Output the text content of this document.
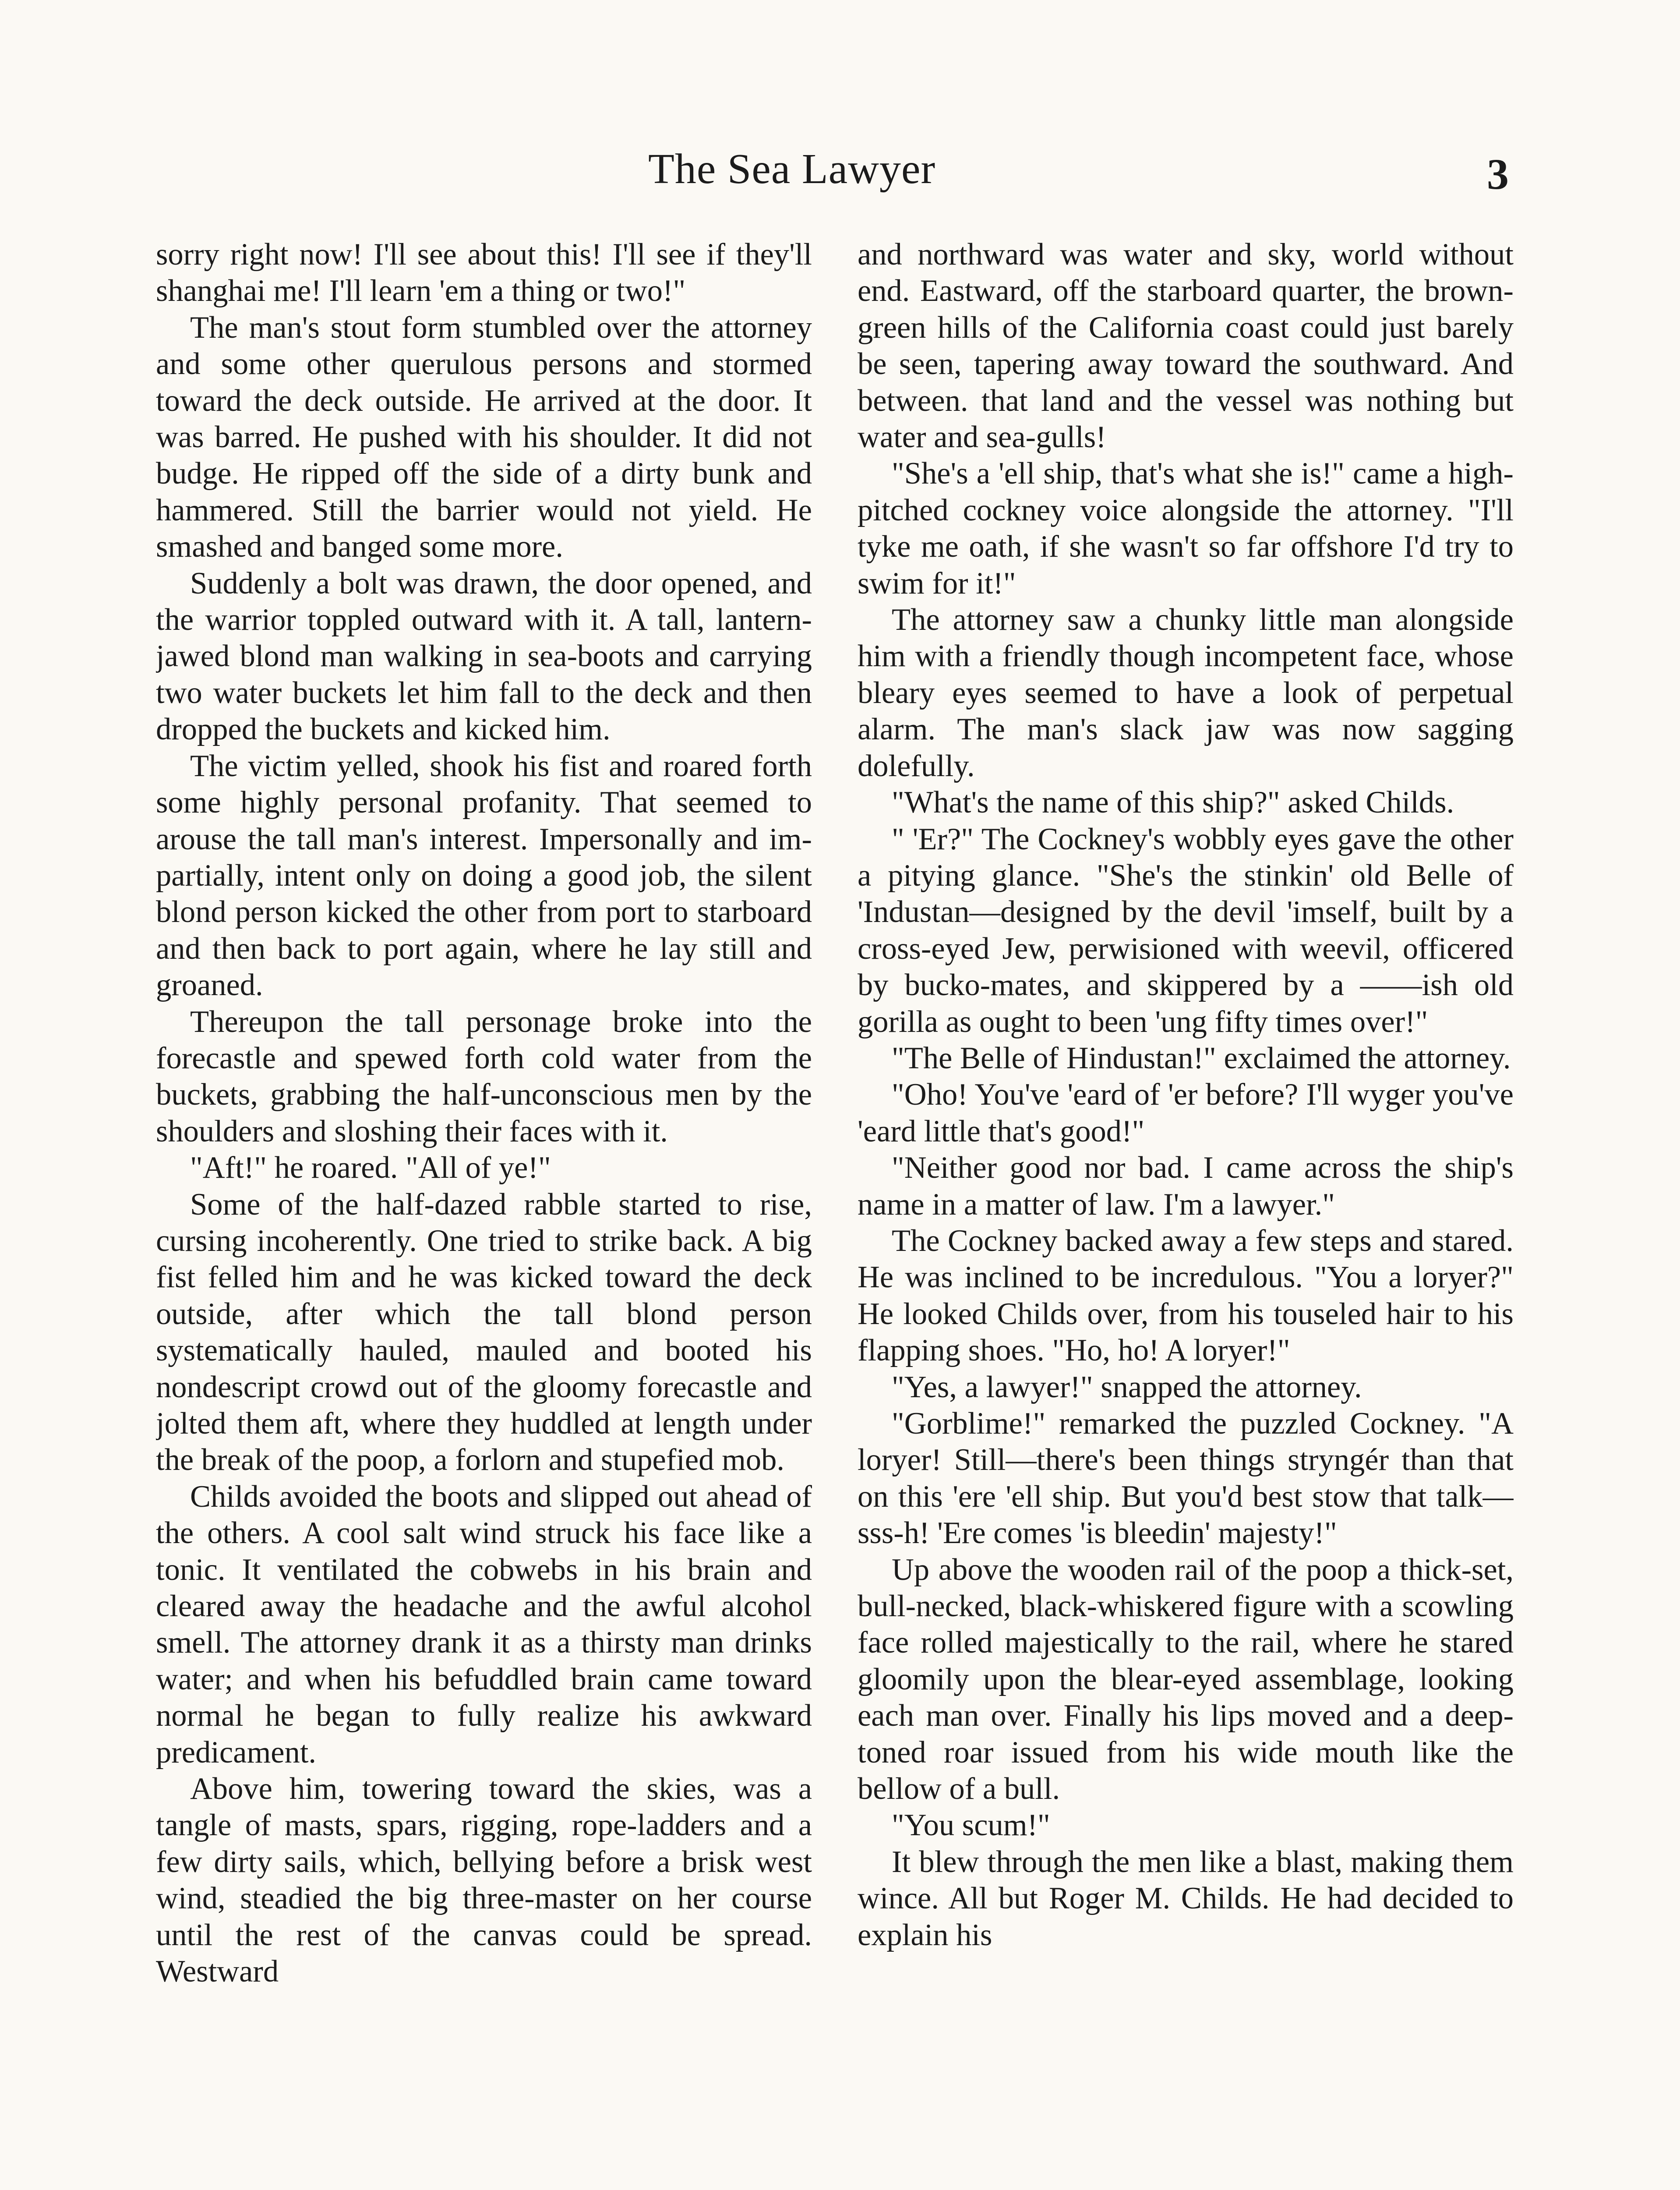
The Sea Lawyer	3

sorry right now! I'll see about this! I'll see if they'll shanghai me! I'll learn 'em a thing or two!"

The man's stout form stumbled over the attorney and some other querulous persons and stormed toward the deck outside. He arrived at the door. It was barred. He pushed with his shoulder. It did not budge. He ripped off the side of a dirty bunk and hammered. Still the barrier would not yield. He smashed and banged some more.

Suddenly a bolt was drawn, the door opened, and the warrior toppled outward with it. A tall, lantern-jawed blond man walking in sea-boots and carrying two water buckets let him fall to the deck and then dropped the buckets and kicked him.

The victim yelled, shook his fist and roared forth some highly personal profanity. That seemed to arouse the tall man's interest. Impersonally and impartially, intent only on doing a good job, the silent blond person kicked the other from port to starboard and then back to port again, where he lay still and groaned.

Thereupon the tall personage broke into the forecastle and spewed forth cold water from the buckets, grabbing the half-unconscious men by the shoulders and sloshing their faces with it.

"Aft!" he roared. "All of ye!"

Some of the half-dazed rabble started to rise, cursing incoherently. One tried to strike back. A big fist felled him and he was kicked toward the deck outside, after which the tall blond person systematically hauled, mauled and booted his nondescript crowd out of the gloomy forecastle and jolted them aft, where they huddled at length under the break of the poop, a forlorn and stupefied mob.

Childs avoided the boots and slipped out ahead of the others. A cool salt wind struck his face like a tonic. It ventilated the cobwebs in his brain and cleared away the headache and the awful alcohol smell. The attorney drank it as a thirsty man drinks water; and when his befuddled brain came toward normal he began to fully realize his awkward predicament.

Above him, towering toward the skies, was a tangle of masts, spars, rigging, rope-ladders and a few dirty sails, which, bellying before a brisk west wind, steadied the big three-master on her course until the rest of the canvas could be spread. Westward

and northward was water and sky, world without end. Eastward, off the starboard quarter, the brown-green hills of the California coast could just barely be seen, tapering away toward the southward. And between. that land and the vessel was nothing but water and sea-gulls!

"She's a 'ell ship, that's what she is!" came a high-pitched cockney voice alongside the attorney. "I'll tyke me oath, if she wasn't so far offshore I'd try to swim for it!"

The attorney saw a chunky little man alongside him with a friendly though incompetent face, whose bleary eyes seemed to have a look of perpetual alarm. The man's slack jaw was now sagging dolefully.

"What's the name of this ship?" asked Childs.

" 'Er?" The Cockney's wobbly eyes gave the other a pitying glance. "She's the stinkin' old Belle of 'Industan—designed by the devil 'imself, built by a cross-eyed Jew, perwisioned with weevil, officered by bucko-mates, and skippered by a ——ish old gorilla as ought to been 'ung fifty times over!"

"The Belle of Hindustan!" exclaimed the attorney.

"Oho! You've 'eard of 'er before? I'll wyger you've 'eard little that's good!"

"Neither good nor bad. I came across the ship's name in a matter of law. I'm a lawyer."

The Cockney backed away a few steps and stared. He was inclined to be incredulous. "You a loryer?" He looked Childs over, from his touseled hair to his flapping shoes. "Ho, ho! A loryer!"

"Yes, a lawyer!" snapped the attorney.

"Gorblime!" remarked the puzzled Cockney. "A loryer! Still—there's been things stryngér than that on this 'ere 'ell ship. But you'd best stow that talk—sss-h! 'Ere comes 'is bleedin' majesty!"

Up above the wooden rail of the poop a thick-set, bull-necked, black-whiskered figure with a scowling face rolled majestically to the rail, where he stared gloomily upon the blear-eyed assemblage, looking each man over. Finally his lips moved and a deep-toned roar issued from his wide mouth like the bellow of a bull.

"You scum!"

It blew through the men like a blast, making them wince. All but Roger M. Childs. He had decided to explain his
